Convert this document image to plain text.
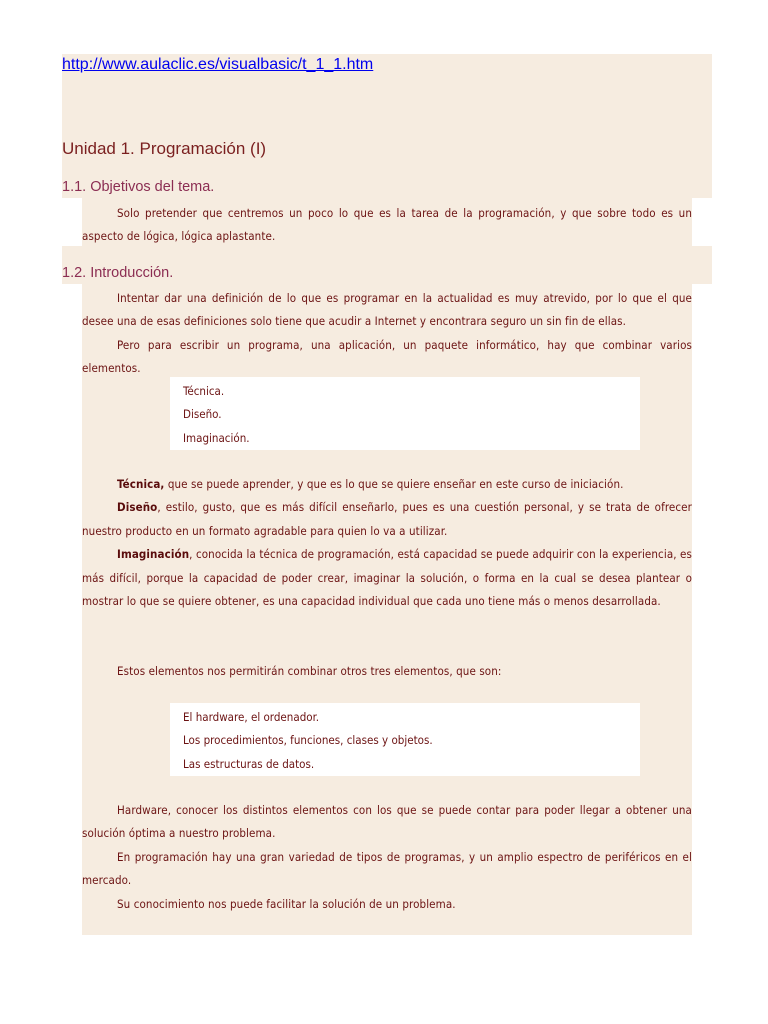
http://www.aulaclic.es/visualbasic/t_1_1.htm
Unidad 1. Programación (I)
1.1. Objetivos del tema.

Solo pretender que centremos un poco lo que es la tarea de la programación, y que sobre todo es un aspecto de lógica, lógica aplastante.

1.2. Introducción.

Intentar dar una definición de lo que es programar en la actualidad es muy atrevido, por lo que el que desee una de esas definiciones solo tiene que acudir a Internet y encontrara seguro un sin fin de ellas.

Pero para escribir un programa, una aplicación, un paquete informático, hay que combinar varios elementos.

Técnica.
Diseño.
Imaginación.

Técnica, que se puede aprender, y que es lo que se quiere enseñar en este curso de iniciación.

Diseño, estilo, gusto, que es más difícil enseñarlo, pues es una cuestión personal, y se trata de ofrecer nuestro producto en un formato agradable para quien lo va a utilizar.

Imaginación, conocida la técnica de programación, está capacidad se puede adquirir con la experiencia, es más difícil, porque la capacidad de poder crear, imaginar la solución, o forma en la cual se desea plantear o mostrar lo que se quiere obtener, es una capacidad individual que cada uno tiene más o menos desarrollada.

Estos elementos nos permitirán combinar otros tres elementos, que son:

El hardware, el ordenador.
Los procedimientos, funciones, clases y objetos.
Las estructuras de datos.

Hardware, conocer los distintos elementos con los que se puede contar para poder llegar a obtener una solución óptima a nuestro problema.

En programación hay una gran variedad de tipos de programas, y un amplio espectro de periféricos en el mercado.

Su conocimiento nos puede facilitar la solución de un problema.
